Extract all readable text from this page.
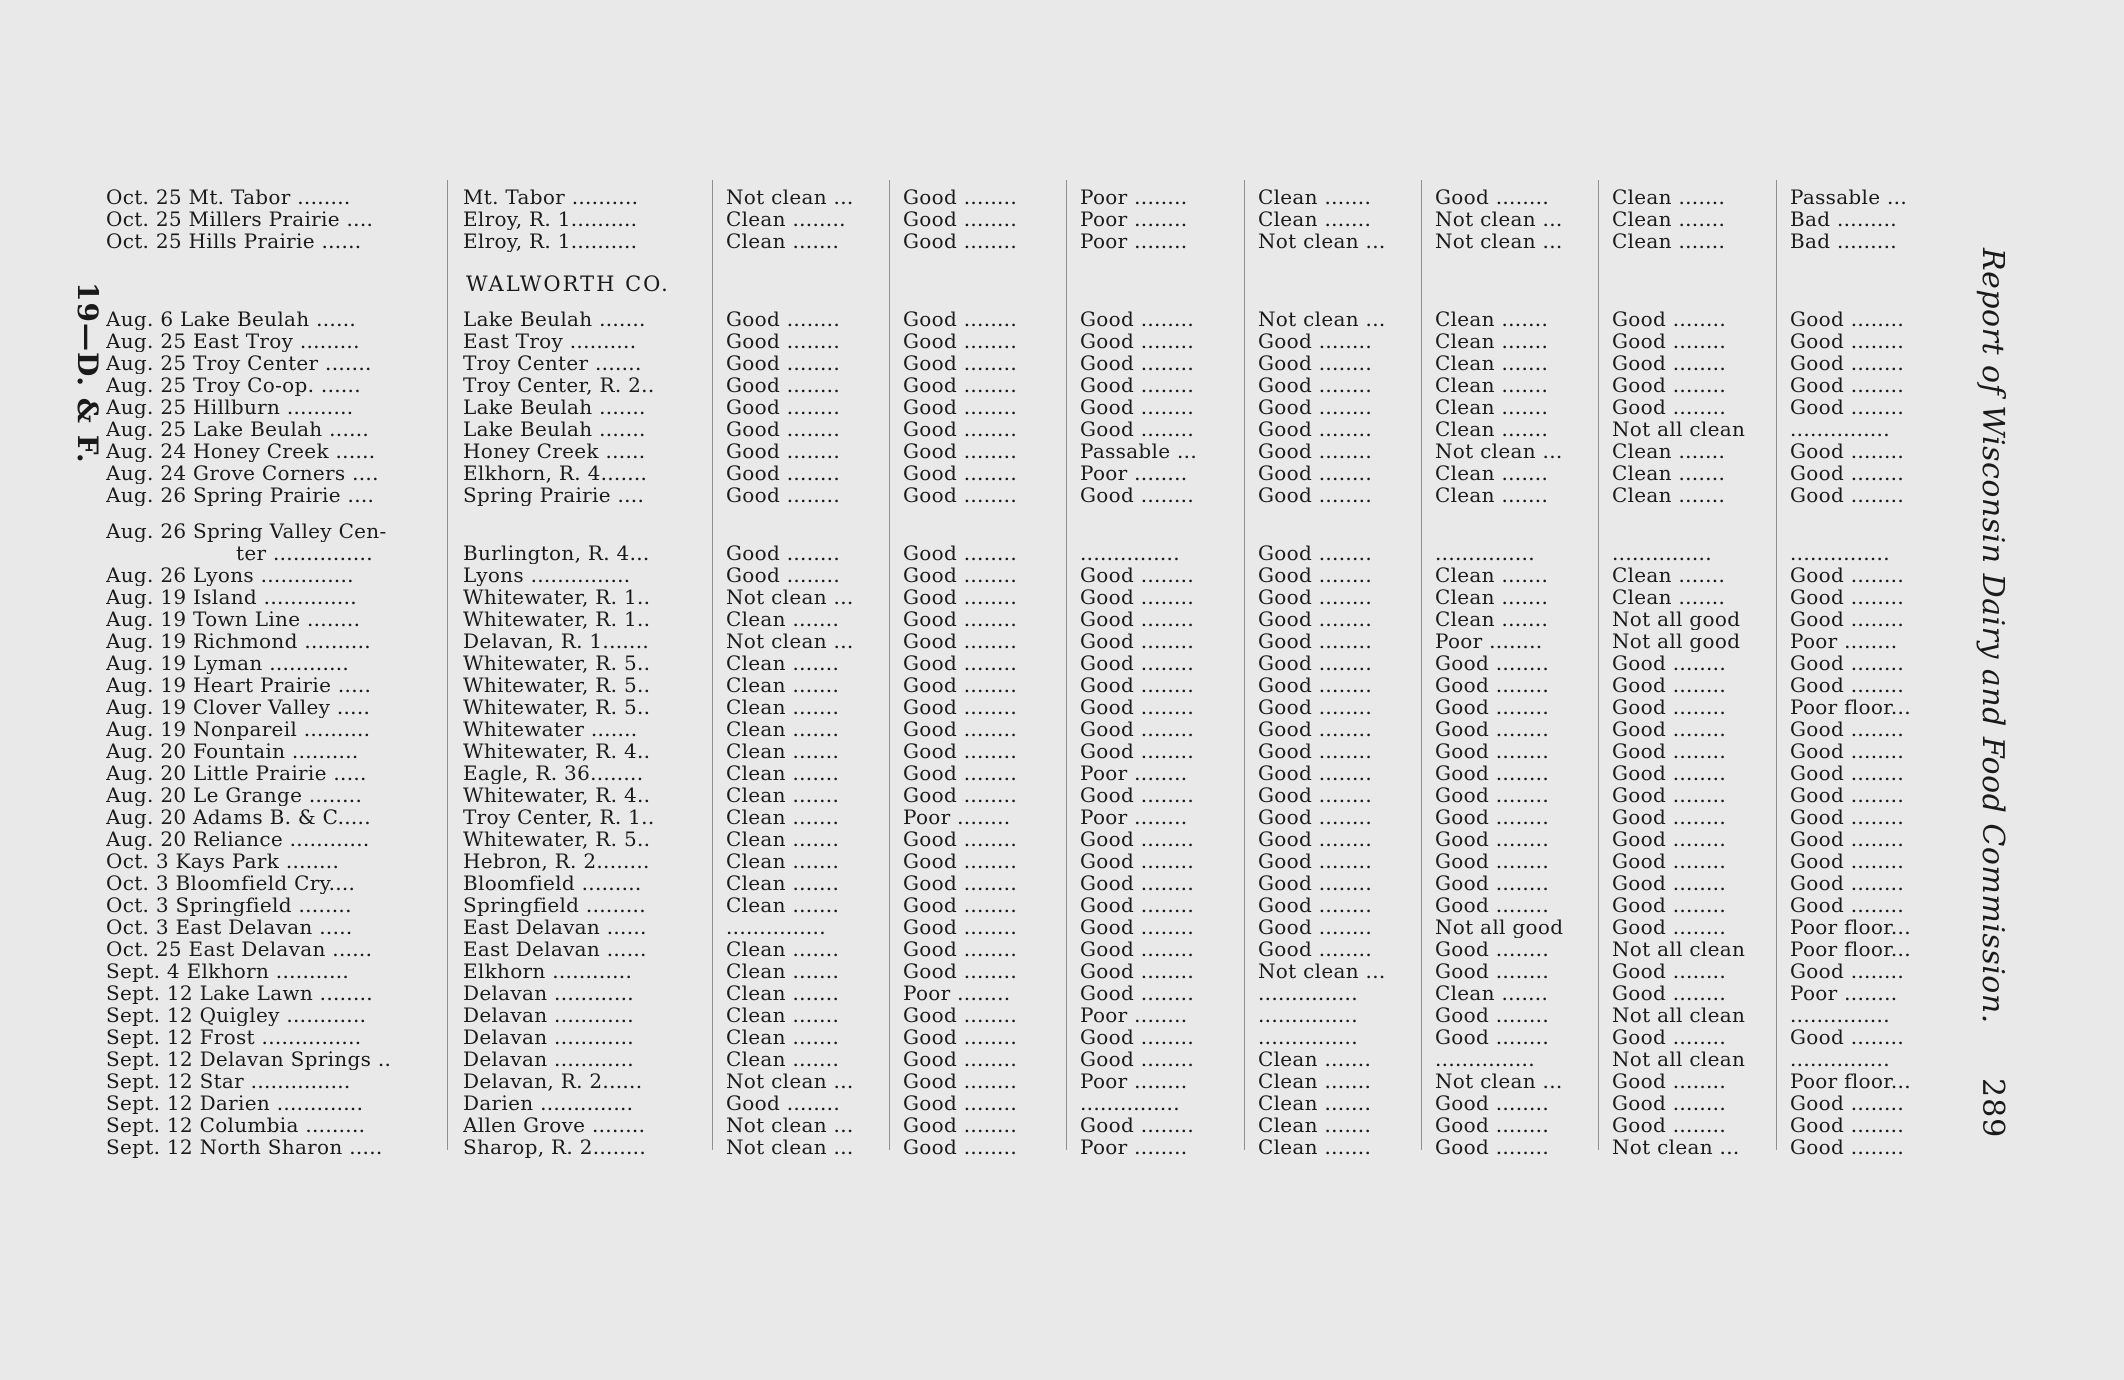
WALWORTH CO.
Oct. 25 Mt. Tabor ........	Mt. Tabor ..........	Not clean ...	Good ........	Poor ........	Clean .......	Good ........	Clean .......	Passable ...
Oct. 25 Millers Prairie ....	Elroy, R. 1..........	Clean ........	Good ........	Poor ........	Clean .......	Not clean ...	Clean .......	Bad .........
Oct. 25 Hills Prairie ......	Elroy, R. 1..........	Clean .......	Good ........	Poor ........	Not clean ...	Not clean ...	Clean .......	Bad .........
Aug. 6 Lake Beulah ......	Lake Beulah .......	Good ........	Good ........	Good ........	Not clean ...	Clean .......	Good ........	Good ........
Aug. 25 East Troy .........	East Troy ..........	Good ........	Good ........	Good ........	Good ........	Clean .......	Good ........	Good ........
Aug. 25 Troy Center .......	Troy Center .......	Good ........	Good ........	Good ........	Good ........	Clean .......	Good ........	Good ........
Aug. 25 Troy Co-op. ......	Troy Center, R. 2..	Good ........	Good ........	Good ........	Good ........	Clean .......	Good ........	Good ........
Aug. 25 Hillburn ..........	Lake Beulah .......	Good ........	Good ........	Good ........	Good ........	Clean .......	Good ........	Good ........
Aug. 25 Lake Beulah ......	Lake Beulah .......	Good ........	Good ........	Good ........	Good ........	Clean .......	Not all clean	...............
Aug. 24 Honey Creek ......	Honey Creek ......	Good ........	Good ........	Passable ...	Good ........	Not clean ...	Clean .......	Good ........
Aug. 24 Grove Corners ....	Elkhorn, R. 4.......	Good ........	Good ........	Poor ........	Good ........	Clean .......	Clean .......	Good ........
Aug. 26 Spring Prairie ....	Spring Prairie ....	Good ........	Good ........	Good ........	Good ........	Clean .......	Clean .......	Good ........
Aug. 26 Spring Valley Cen-
ter ...............	Burlington, R. 4...	Good ........	Good ........	...............	Good ........	...............	...............	...............
Aug. 26 Lyons ..............	Lyons ...............	Good ........	Good ........	Good ........	Good ........	Clean .......	Clean .......	Good ........
Aug. 19 Island ..............	Whitewater, R. 1..	Not clean ...	Good ........	Good ........	Good ........	Clean .......	Clean .......	Good ........
Aug. 19 Town Line ........	Whitewater, R. 1..	Clean .......	Good ........	Good ........	Good ........	Clean .......	Not all good	Good ........
Aug. 19 Richmond ..........	Delavan, R. 1.......	Not clean ...	Good ........	Good ........	Good ........	Poor ........	Not all good	Poor ........
Aug. 19 Lyman ............	Whitewater, R. 5..	Clean .......	Good ........	Good ........	Good ........	Good ........	Good ........	Good ........
Aug. 19 Heart Prairie .....	Whitewater, R. 5..	Clean .......	Good ........	Good ........	Good ........	Good ........	Good ........	Good ........
Aug. 19 Clover Valley .....	Whitewater, R. 5..	Clean .......	Good ........	Good ........	Good ........	Good ........	Good ........	Poor floor...
Aug. 19 Nonpareil ..........	Whitewater .......	Clean .......	Good ........	Good ........	Good ........	Good ........	Good ........	Good ........
Aug. 20 Fountain ..........	Whitewater, R. 4..	Clean .......	Good ........	Good ........	Good ........	Good ........	Good ........	Good ........
Aug. 20 Little Prairie .....	Eagle, R. 36........	Clean .......	Good ........	Poor ........	Good ........	Good ........	Good ........	Good ........
Aug. 20 Le Grange ........	Whitewater, R. 4..	Clean .......	Good ........	Good ........	Good ........	Good ........	Good ........	Good ........
Aug. 20 Adams B. & C.....	Troy Center, R. 1..	Clean .......	Poor ........	Poor ........	Good ........	Good ........	Good ........	Good ........
Aug. 20 Reliance ............	Whitewater, R. 5..	Clean .......	Good ........	Good ........	Good ........	Good ........	Good ........	Good ........
Oct. 3 Kays Park ........	Hebron, R. 2........	Clean .......	Good ........	Good ........	Good ........	Good ........	Good ........	Good ........
Oct. 3 Bloomfield Cry....	Bloomfield .........	Clean .......	Good ........	Good ........	Good ........	Good ........	Good ........	Good ........
Oct. 3 Springfield ........	Springfield .........	Clean .......	Good ........	Good ........	Good ........	Good ........	Good ........	Good ........
Oct. 3 East Delavan .....	East Delavan ......	...............	Good ........	Good ........	Good ........	Not all good	Good ........	Poor floor...
Oct. 25 East Delavan ......	East Delavan ......	Clean .......	Good ........	Good ........	Good ........	Good ........	Not all clean	Poor floor...
Sept. 4 Elkhorn ...........	Elkhorn ............	Clean .......	Good ........	Good ........	Not clean ...	Good ........	Good ........	Good ........
Sept. 12 Lake Lawn ........	Delavan ............	Clean .......	Poor ........	Good ........	...............	Clean .......	Good ........	Poor ........
Sept. 12 Quigley ............	Delavan ............	Clean .......	Good ........	Poor ........	...............	Good ........	Not all clean	...............
Sept. 12 Frost ...............	Delavan ............	Clean .......	Good ........	Good ........	...............	Good ........	Good ........	Good ........
Sept. 12 Delavan Springs ..	Delavan ............	Clean .......	Good ........	Good ........	Clean .......	...............	Not all clean	...............
Sept. 12 Star ...............	Delavan, R. 2......	Not clean ...	Good ........	Poor ........	Clean .......	Not clean ...	Good ........	Poor floor...
Sept. 12 Darien .............	Darien ..............	Good ........	Good ........	...............	Clean .......	Good ........	Good ........	Good ........
Sept. 12 Columbia .........	Allen Grove ........	Not clean ...	Good ........	Good ........	Clean .......	Good ........	Good ........	Good ........
Sept. 12 North Sharon .....	Sharop, R. 2........	Not clean ...	Good ........	Poor ........	Clean .......	Good ........	Not clean ...	Good ........
Report of Wisconsin Dairy and Food Commission.
289
19—D. & F.
